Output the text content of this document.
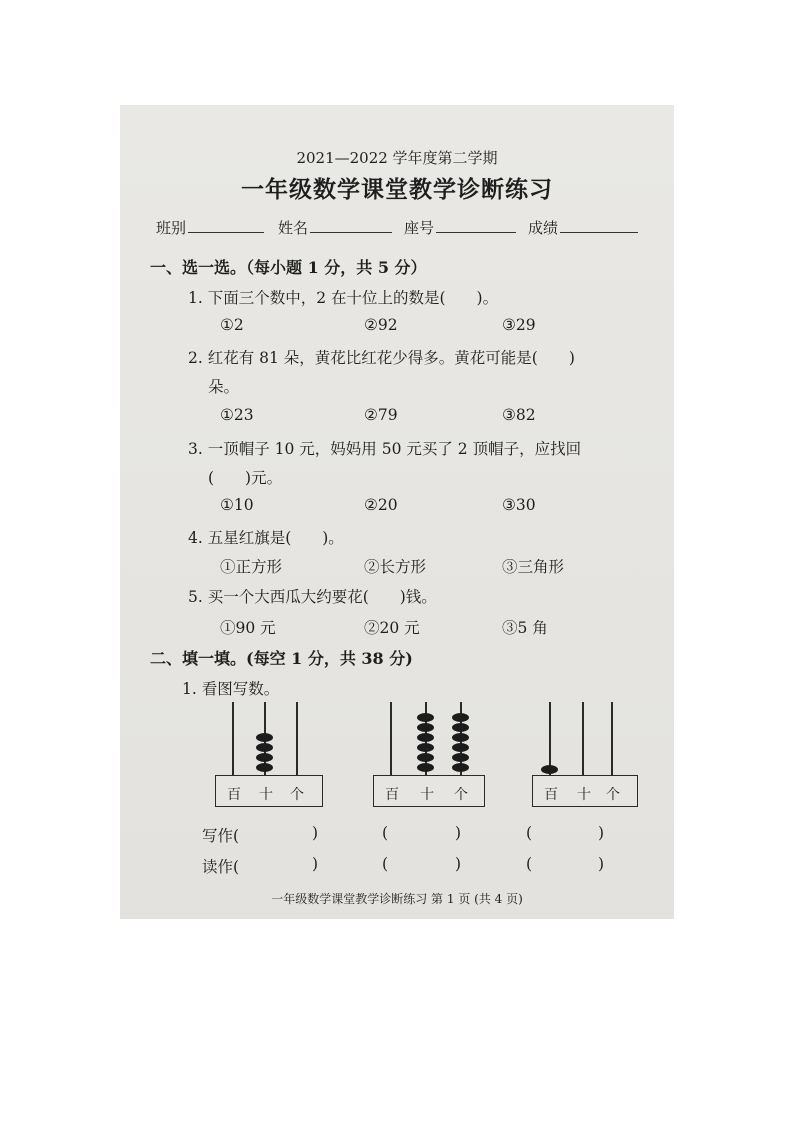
2021—2022 学年度第二学期
一年级数学课堂教学诊断练习
班别	姓名	座号	成绩
一、选一选。（每小题 1 分，共 5 分）
1. 下面三个数中，2 在十位上的数是(　　)。
①2	②92	③29
2. 红花有 81 朵，黄花比红花少得多。黄花可能是(　　)
朵。
①23	②79	③82
3. 一顶帽子 10 元，妈妈用 50 元买了 2 顶帽子，应找回
(　　)元。
①10	②20	③30
4. 五星红旗是(　　)。
①正方形	②长方形	③三角形
5. 买一个大西瓜大约要花(　　)钱。
①90 元	②20 元	③5 角
二、填一填。(每空 1 分，共 38 分)
1. 看图写数。
百 十 个	百 十 个	百 十 个
写作(	)	(	)	(	)
读作(	)	(	)	(	)
一年级数学课堂教学诊断练习 第 1 页 (共 4 页)
